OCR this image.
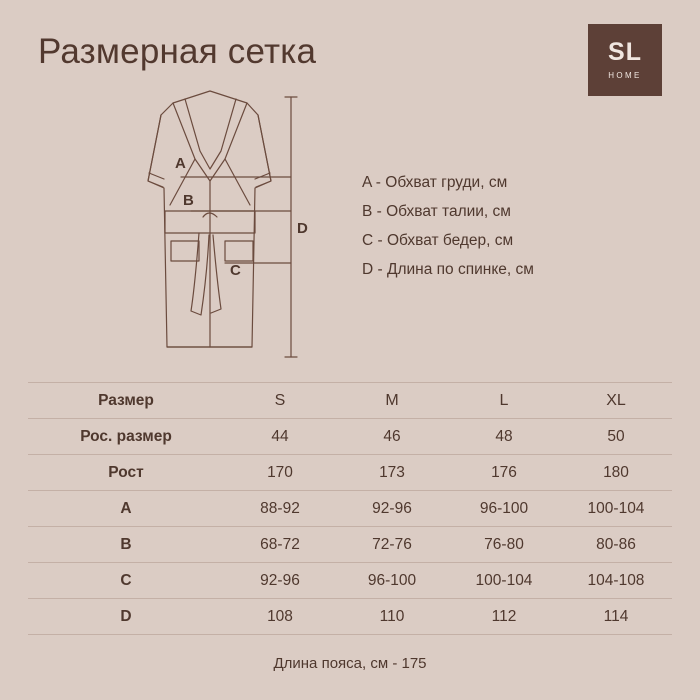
Размерная сетка	SL
HOME
A
B
C
D
A - Обхват груди, см
B - Обхват талии, см
C - Обхват бедер, см
D - Длина по спинке, см
Размер	S	M	L	XL
Рос. размер	44	46	48	50
Рост	170	173	176	180
A	88-92	92-96	96-100	100-104
B	68-72	72-76	76-80	80-86
C	92-96	96-100	100-104	104-108
D	108	110	112	114
Длина пояса, см - 175
